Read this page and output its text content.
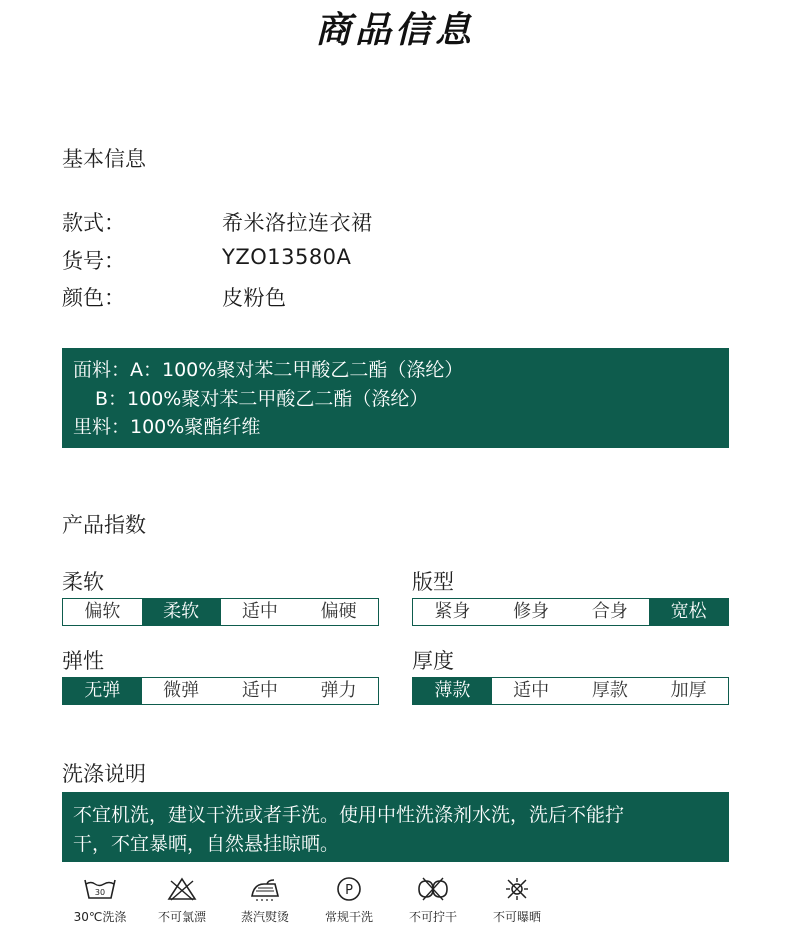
商品信息
基本信息
款式：	希米洛拉连衣裙
货号：	YZO13580A
颜色：	皮粉色
面料：A：100%聚对苯二甲酸乙二酯（涤纶）
B：100%聚对苯二甲酸乙二酯（涤纶）
里料：100%聚酯纤维
产品指数
柔软
偏软	柔软	适中	偏硬
版型
紧身	修身	合身	宽松
弹性
无弹	微弹	适中	弹力
厚度
薄款	适中	厚款	加厚
洗涤说明
不宜机洗，建议干洗或者手洗。使用中性洗涤剂水洗，洗后不能拧
干，不宜暴晒，自然悬挂晾晒。
30
30℃洗涤	不可氯漂	蒸汽熨烫
P
常规干洗	不可拧干	不可曝晒
